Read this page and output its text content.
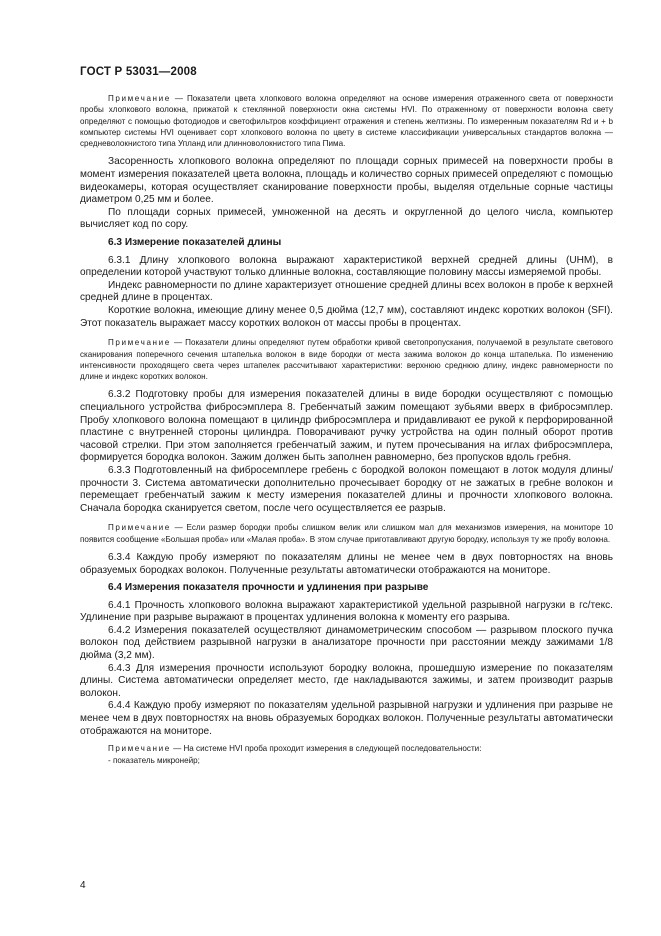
ГОСТ Р 53031—2008

Примечание — Показатели цвета хлопкового волокна определяют на основе измерения отраженного света от поверхности пробы хлопкового волокна, прижатой к стеклянной поверхности окна системы HVI. По отраженному от поверхности волокна свету определяют с помощью фотодиодов и светофильтров коэффициент отражения и степень желтизны. По измеренным показателям Rd и + b компьютер системы HVI оценивает сорт хлопкового волокна по цвету в системе классификации универсальных стандартов волокна — средневолокнистого типа Упланд или длинноволокнистого типа Пима.

Засоренность хлопкового волокна определяют по площади сорных примесей на поверхности пробы в момент измерения показателей цвета волокна, площадь и количество сорных примесей определяют с помощью видеокамеры, которая осуществляет сканирование поверхности пробы, выделяя отдельные сорные частицы диаметром 0,25 мм и более.

По площади сорных примесей, умноженной на десять и округленной до целого числа, компьютер вычисляет код по сору.

6.3 Измерение показателей длины

6.3.1 Длину хлопкового волокна выражают характеристикой верхней средней длины (UHM), в определении которой участвуют только длинные волокна, составляющие половину массы измеряемой пробы.

Индекс равномерности по длине характеризует отношение средней длины всех волокон в пробе к верхней средней длине в процентах.

Короткие волокна, имеющие длину менее 0,5 дюйма (12,7 мм), составляют индекс коротких волокон (SFI). Этот показатель выражает массу коротких волокон от массы пробы в процентах.

Примечание — Показатели длины определяют путем обработки кривой светопропускания, получаемой в результате светового сканирования поперечного сечения штапелька волокон в виде бородки от места зажима волокон до конца штапелька. По изменению интенсивности проходящего света через штапелек рассчитывают характеристики: верхнюю среднюю длину, индекс равномерности по длине и индекс коротких волокон.

6.3.2 Подготовку пробы для измерения показателей длины в виде бородки осуществляют с помощью специального устройства фибросэмплера 8. Гребенчатый зажим помещают зубьями вверх в фибросэмплер. Пробу хлопкового волокна помещают в цилиндр фибросэмплера и придавливают ее рукой к перфорированной пластине с внутренней стороны цилиндра. Поворачивают ручку устройства на один полный оборот против часовой стрелки. При этом заполняется гребенчатый зажим, и путем прочесывания на иглах фибросэмплера, формируется бородка волокон. Зажим должен быть заполнен равномерно, без пропусков вдоль гребня.

6.3.3 Подготовленный на фибросемплере гребень с бородкой волокон помещают в лоток модуля длины/прочности 3. Система автоматически дополнительно прочесывает бородку от не зажатых в гребне волокон и перемещает гребенчатый зажим к месту измерения показателей длины и прочности хлопкового волокна. Сначала бородка сканируется светом, после чего осуществляется ее разрыв.

Примечание — Если размер бородки пробы слишком велик или слишком мал для механизмов измерения, на мониторе 10 появится сообщение «Большая проба» или «Малая проба». В этом случае приготавливают другую бородку, используя ту же пробу волокна.

6.3.4 Каждую пробу измеряют по показателям длины не менее чем в двух повторностях на вновь образуемых бородках волокон. Полученные результаты автоматически отображаются на мониторе.

6.4 Измерения показателя прочности и удлинения при разрыве

6.4.1 Прочность хлопкового волокна выражают характеристикой удельной разрывной нагрузки в гс/текс. Удлинение при разрыве выражают в процентах удлинения волокна к моменту его разрыва.

6.4.2 Измерения показателей осуществляют динамометрическим способом — разрывом плоского пучка волокон под действием разрывной нагрузки в анализаторе прочности при расстоянии между зажимами 1/8 дюйма (3,2 мм).

6.4.3 Для измерения прочности используют бородку волокна, прошедшую измерение по показателям длины. Система автоматически определяет место, где накладываются зажимы, и затем производит разрыв волокон.

6.4.4 Каждую пробу измеряют по показателям удельной разрывной нагрузки и удлинения при разрыве не менее чем в двух повторностях на вновь образуемых бородках волокон. Полученные результаты автоматически отображаются на мониторе.

Примечание — На системе HVI проба проходит измерения в следующей последовательности:

- показатель микронейр;

4
